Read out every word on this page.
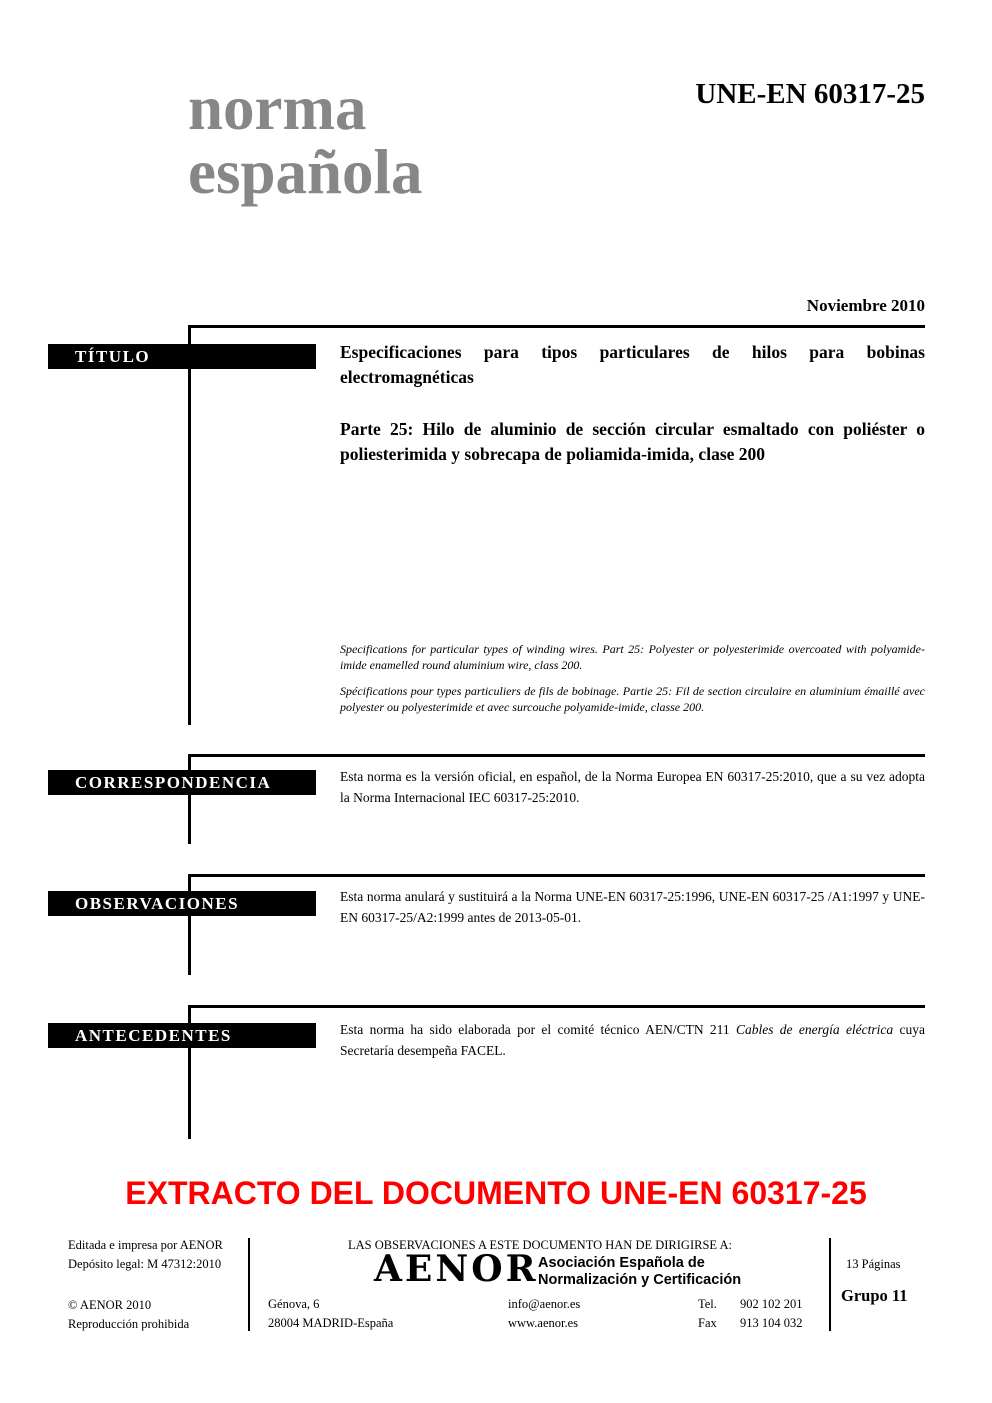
norma
española
UNE-EN 60317-25
Noviembre 2010
TÍTULO
CORRESPONDENCIA
OBSERVACIONES
ANTECEDENTES
Especificaciones para tipos particulares de hilos para bobinas electromagnéticas
Parte 25: Hilo de aluminio de sección circular esmaltado con poliéster o poliesterimida y sobrecapa de poliamida-imida, clase 200
Specifications for particular types of winding wires. Part 25: Polyester or polyesterimide overcoated with polyamide-imide enamelled round aluminium wire, class 200.
Spécifications pour types particuliers de fils de bobinage. Partie 25: Fil de section circulaire en aluminium émaillé avec polyester ou polyesterimide et avec surcouche polyamide-imide, classe 200.
Esta norma es la versión oficial, en español, de la Norma Europea EN 60317-25:2010, que a su vez adopta la Norma Internacional IEC 60317-25:2010.
Esta norma anulará y sustituirá a la Norma UNE-EN 60317-25:1996, UNE-EN 60317-25 /A1:1997 y UNE-EN 60317-25/A2:1999 antes de 2013-05-01.
Esta norma ha sido elaborada por el comité técnico AEN/CTN 211 Cables de energía eléctrica cuya Secretaría desempeña FACEL.
EXTRACTO DEL DOCUMENTO UNE-EN 60317-25
Editada e impresa por AENOR
Depósito legal: M 47312:2010
© AENOR 2010
Reproducción prohibida
LAS OBSERVACIONES A ESTE DOCUMENTO HAN DE DIRIGIRSE A:
AENOR Asociación Española de
Normalización y Certificación
Génova, 6
28004 MADRID-España
info@aenor.es
www.aenor.es
Tel. 902 102 201
Fax 913 104 032
13 Páginas
Grupo 11
